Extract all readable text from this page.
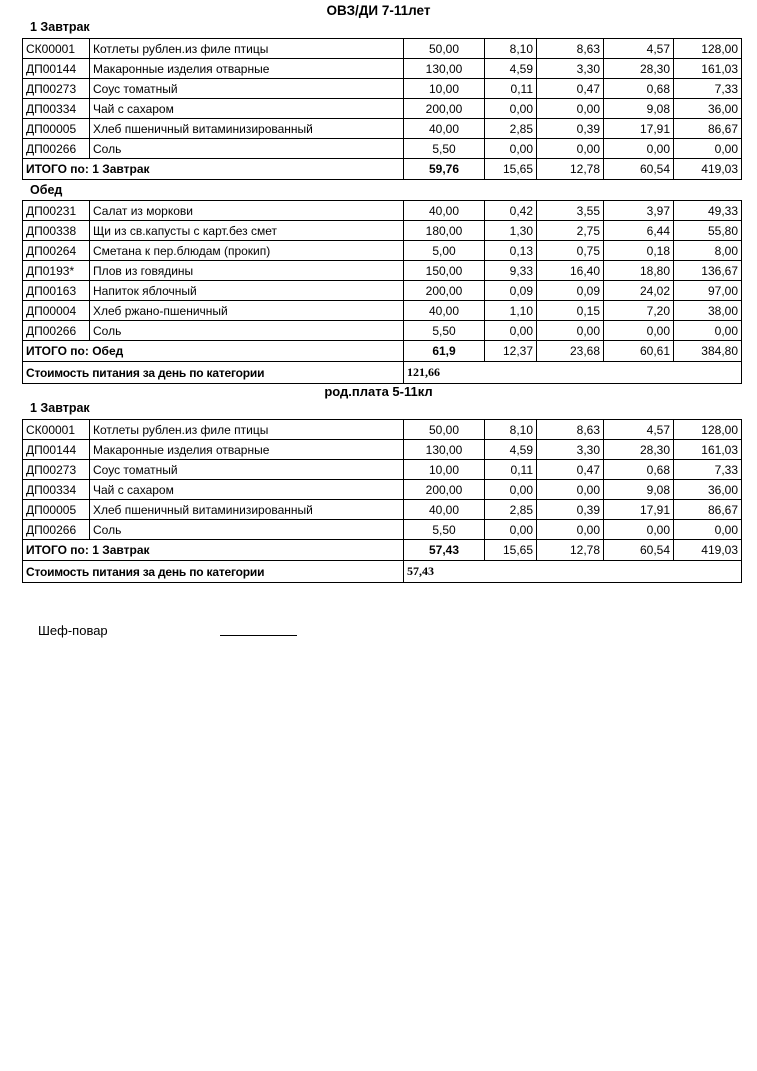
ОВЗ/ДИ 7-11лет
1 Завтрак
СК00001	Котлеты рублен.из филе птицы	50,00	8,10	8,63	4,57	128,00
ДП00144	Макаронные изделия отварные	130,00	4,59	3,30	28,30	161,03
ДП00273	Соус томатный	10,00	0,11	0,47	0,68	7,33
ДП00334	Чай с сахаром	200,00	0,00	0,00	9,08	36,00
ДП00005	Хлеб пшеничный витаминизированный	40,00	2,85	0,39	17,91	86,67
ДП00266	Соль	5,50	0,00	0,00	0,00	0,00
ИТОГО по: 1 Завтрак		59,76	15,65	12,78	60,54	419,03
Обед
ДП00231	Салат из моркови	40,00	0,42	3,55	3,97	49,33
ДП00338	Щи из св.капусты с карт.без смет	180,00	1,30	2,75	6,44	55,80
ДП00264	Сметана к пер.блюдам (прокип)	5,00	0,13	0,75	0,18	8,00
ДП0193*	Плов из говядины	150,00	9,33	16,40	18,80	136,67
ДП00163	Напиток яблочный	200,00	0,09	0,09	24,02	97,00
ДП00004	Хлеб ржано-пшеничный	40,00	1,10	0,15	7,20	38,00
ДП00266	Соль	5,50	0,00	0,00	0,00	0,00
ИТОГО по: Обед		61,9	12,37	23,68	60,61	384,80
Стоимость питания за день по категории		121,66				
род.плата 5-11кл
1 Завтрак
СК00001	Котлеты рублен.из филе птицы	50,00	8,10	8,63	4,57	128,00
ДП00144	Макаронные изделия отварные	130,00	4,59	3,30	28,30	161,03
ДП00273	Соус томатный	10,00	0,11	0,47	0,68	7,33
ДП00334	Чай с сахаром	200,00	0,00	0,00	9,08	36,00
ДП00005	Хлеб пшеничный витаминизированный	40,00	2,85	0,39	17,91	86,67
ДП00266	Соль	5,50	0,00	0,00	0,00	0,00
ИТОГО по: 1 Завтрак		57,43	15,65	12,78	60,54	419,03
Стоимость питания за день по категории		57,43				
Шеф-повар
